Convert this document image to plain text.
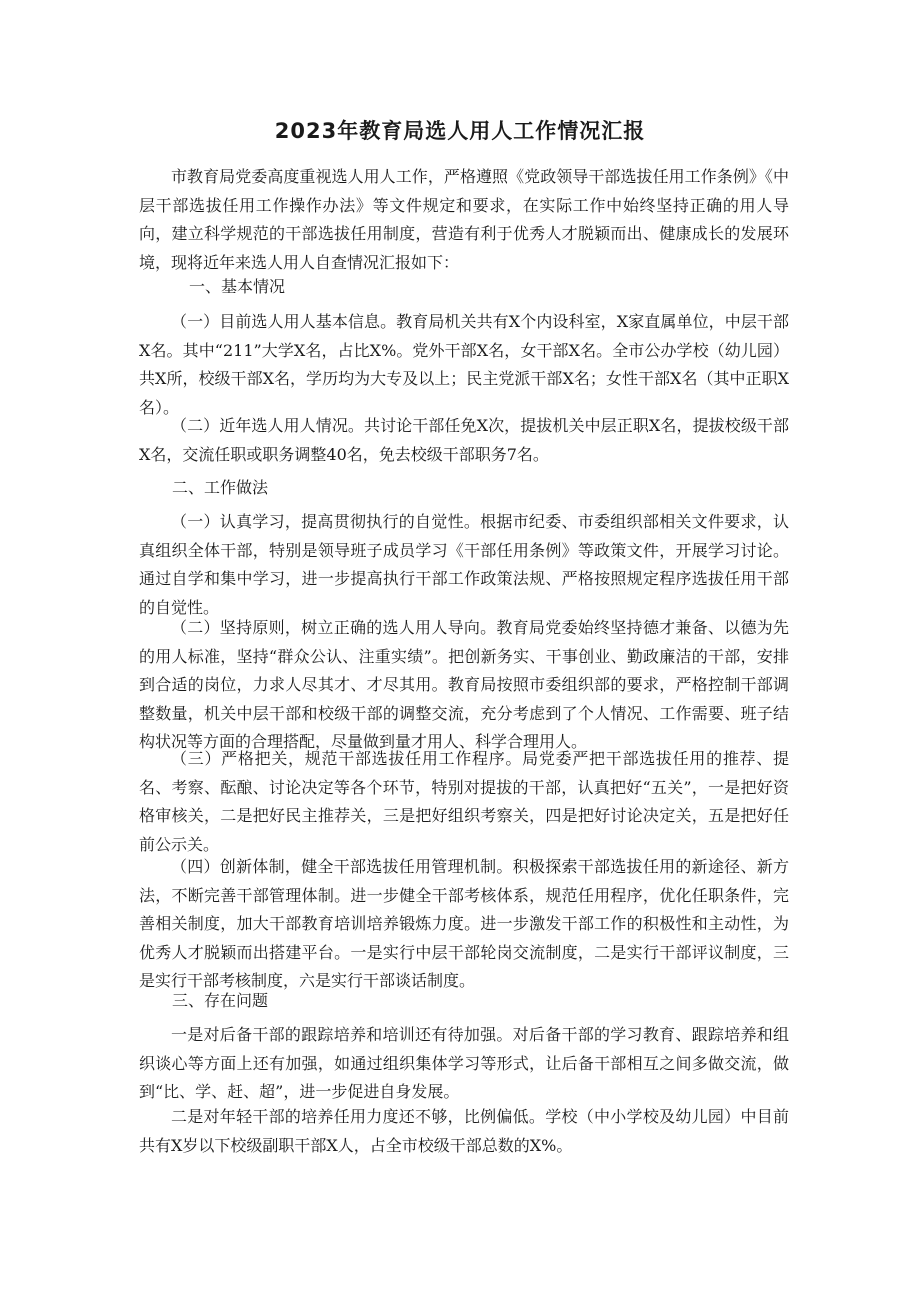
2023年教育局选人用人工作情况汇报
市教育局党委高度重视选人用人工作，严格遵照《党政领导干部选拔任用工作条例》《中层干部选拔任用工作操作办法》等文件规定和要求，在实际工作中始终坚持正确的用人导向，建立科学规范的干部选拔任用制度，营造有利于优秀人才脱颖而出、健康成长的发展环境，现将近年来选人用人自查情况汇报如下：
一、基本情况
（一）目前选人用人基本信息。教育局机关共有X个内设科室，X家直属单位，中层干部X名。其中“211”大学X名，占比X%。党外干部X名，女干部X名。全市公办学校（幼儿园）共X所，校级干部X名，学历均为大专及以上；民主党派干部X名；女性干部X名（其中正职X名）。
（二）近年选人用人情况。共讨论干部任免X次，提拔机关中层正职X名，提拔校级干部X名，交流任职或职务调整40名，免去校级干部职务7名。
二、工作做法
（一）认真学习，提高贯彻执行的自觉性。根据市纪委、市委组织部相关文件要求，认真组织全体干部，特别是领导班子成员学习《干部任用条例》等政策文件，开展学习讨论。通过自学和集中学习，进一步提高执行干部工作政策法规、严格按照规定程序选拔任用干部的自觉性。
（二）坚持原则，树立正确的选人用人导向。教育局党委始终坚持德才兼备、以德为先的用人标准，坚持“群众公认、注重实绩”。把创新务实、干事创业、勤政廉洁的干部，安排到合适的岗位，力求人尽其才、才尽其用。教育局按照市委组织部的要求，严格控制干部调整数量，机关中层干部和校级干部的调整交流，充分考虑到了个人情况、工作需要、班子结构状况等方面的合理搭配，尽量做到量才用人、科学合理用人。
（三）严格把关，规范干部选拔任用工作程序。局党委严把干部选拔任用的推荐、提名、考察、酝酿、讨论决定等各个环节，特别对提拔的干部，认真把好“五关”，一是把好资格审核关，二是把好民主推荐关，三是把好组织考察关，四是把好讨论决定关，五是把好任前公示关。
（四）创新体制，健全干部选拔任用管理机制。积极探索干部选拔任用的新途径、新方法，不断完善干部管理体制。进一步健全干部考核体系，规范任用程序，优化任职条件，完善相关制度，加大干部教育培训培养锻炼力度。进一步激发干部工作的积极性和主动性，为优秀人才脱颖而出搭建平台。一是实行中层干部轮岗交流制度，二是实行干部评议制度，三是实行干部考核制度，六是实行干部谈话制度。
三、存在问题
一是对后备干部的跟踪培养和培训还有待加强。对后备干部的学习教育、跟踪培养和组织谈心等方面上还有加强，如通过组织集体学习等形式，让后备干部相互之间多做交流，做到“比、学、赶、超”，进一步促进自身发展。
二是对年轻干部的培养任用力度还不够，比例偏低。学校（中小学校及幼儿园）中目前共有X岁以下校级副职干部X人，占全市校级干部总数的X%。
